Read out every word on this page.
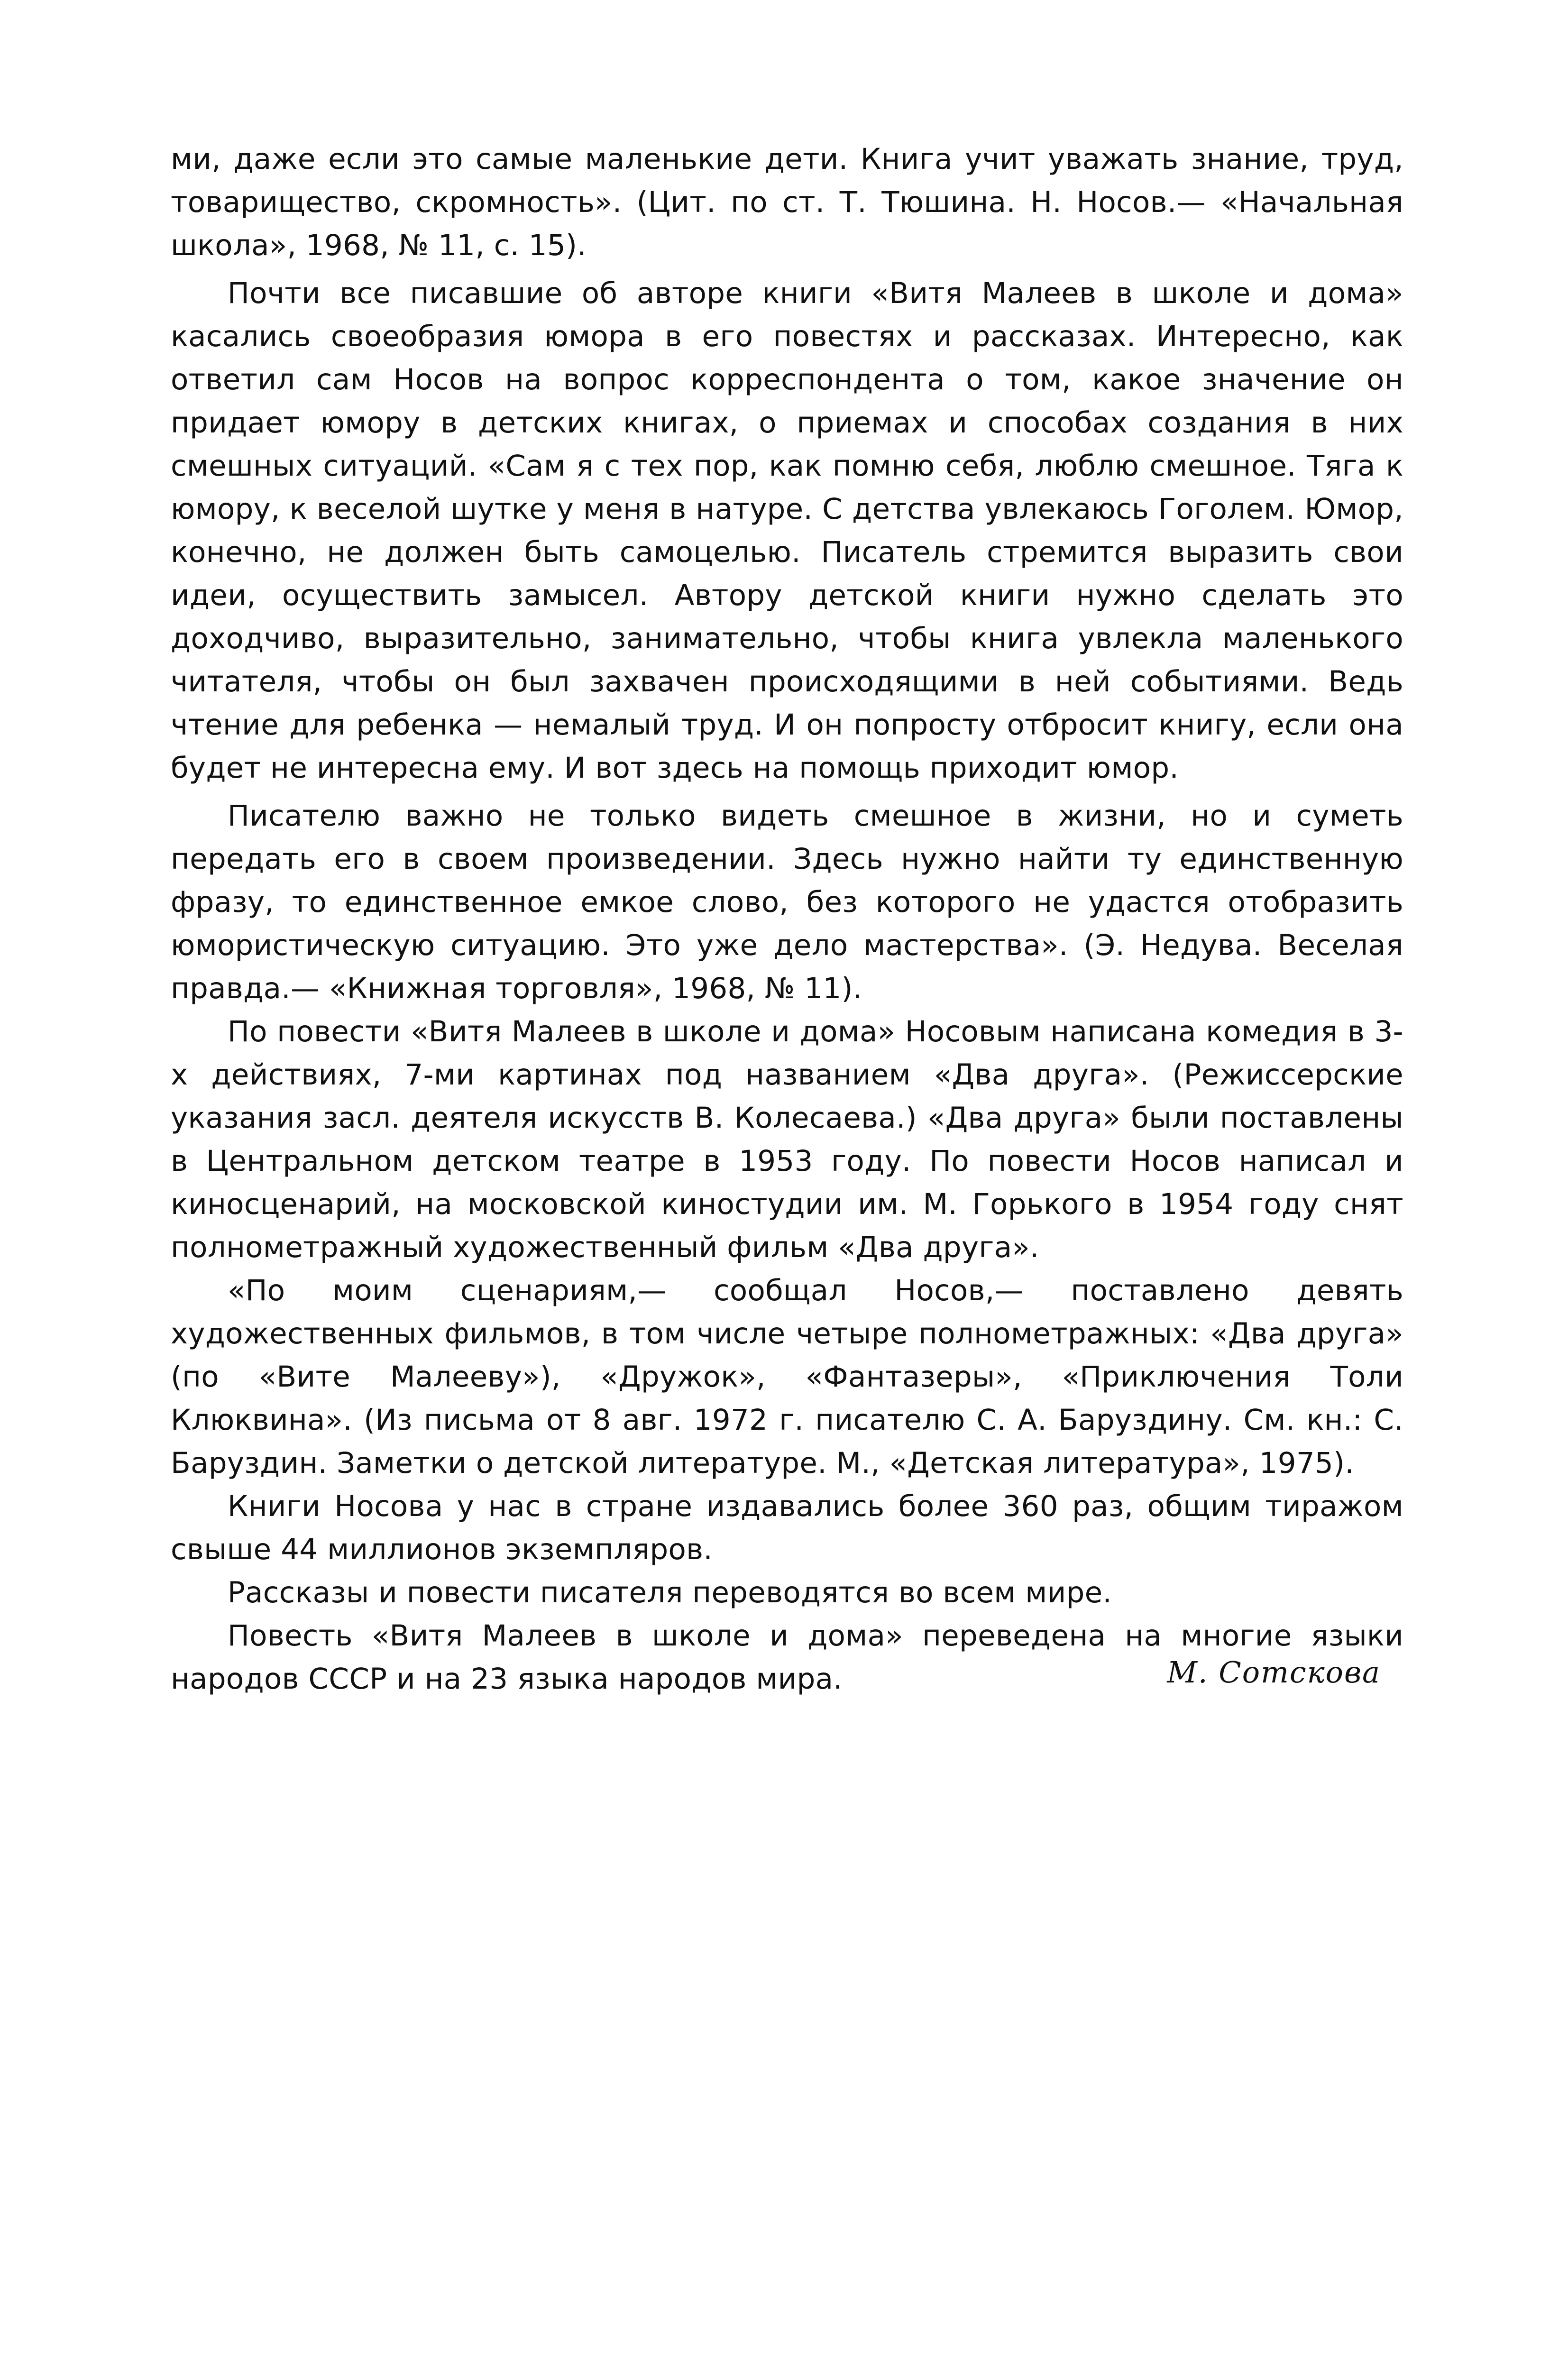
ми, даже если это самые маленькие дети. Книга учит уважать знание, труд, товарищество, скромность». (Цит. по ст. Т. Тюшина. Н. Носов.— «Начальная школа», 1968, № 11, с. 15).

Почти все писавшие об авторе книги «Витя Малеев в школе и дома» касались своеобразия юмора в его повестях и рассказах. Интересно, как ответил сам Носов на вопрос корреспондента о том, какое значение он придает юмору в детских книгах, о приемах и способах создания в них смешных ситуаций. «Сам я с тех пор, как помню себя, люблю смешное. Тяга к юмору, к веселой шутке у меня в натуре. С детства увлекаюсь Гоголем. Юмор, конечно, не должен быть самоцелью. Писатель стремится выразить свои идеи, осуществить замысел. Автору детской книги нужно сделать это доходчиво, выразительно, занимательно, чтобы книга увлекла маленького читателя, чтобы он был захвачен происходящими в ней событиями. Ведь чтение для ребенка — немалый труд. И он попросту отбросит книгу, если она будет не интересна ему. И вот здесь на помощь приходит юмор.

Писателю важно не только видеть смешное в жизни, но и суметь передать его в своем произведении. Здесь нужно найти ту единственную фразу, то единственное емкое слово, без которого не удастся отобразить юмористическую ситуацию. Это уже дело мастерства». (Э. Недува. Веселая правда.— «Книжная торговля», 1968, № 11).

По повести «Витя Малеев в школе и дома» Носовым написана комедия в 3-х действиях, 7-ми картинах под названием «Два друга». (Режиссерские указания засл. деятеля искусств В. Колесаева.) «Два друга» были поставлены в Центральном детском театре в 1953 году. По повести Носов написал и киносценарий, на московской киностудии им. М. Горького в 1954 году снят полнометражный художественный фильм «Два друга».

«По моим сценариям,— сообщал Носов,— поставлено девять художественных фильмов, в том числе четыре полнометражных: «Два друга» (по «Вите Малееву»), «Дружок», «Фантазеры», «Приключения Толи Клюквина». (Из письма от 8 авг. 1972 г. писателю С. А. Баруздину. См. кн.: С. Баруздин. Заметки о детской литературе. М., «Детская литература», 1975).

Книги Носова у нас в стране издавались более 360 раз, общим тиражом свыше 44 миллионов экземпляров.

Рассказы и повести писателя переводятся во всем мире.

Повесть «Витя Малеев в школе и дома» переведена на многие языки народов СССР и на 23 языка народов мира.	М. Сотскова
